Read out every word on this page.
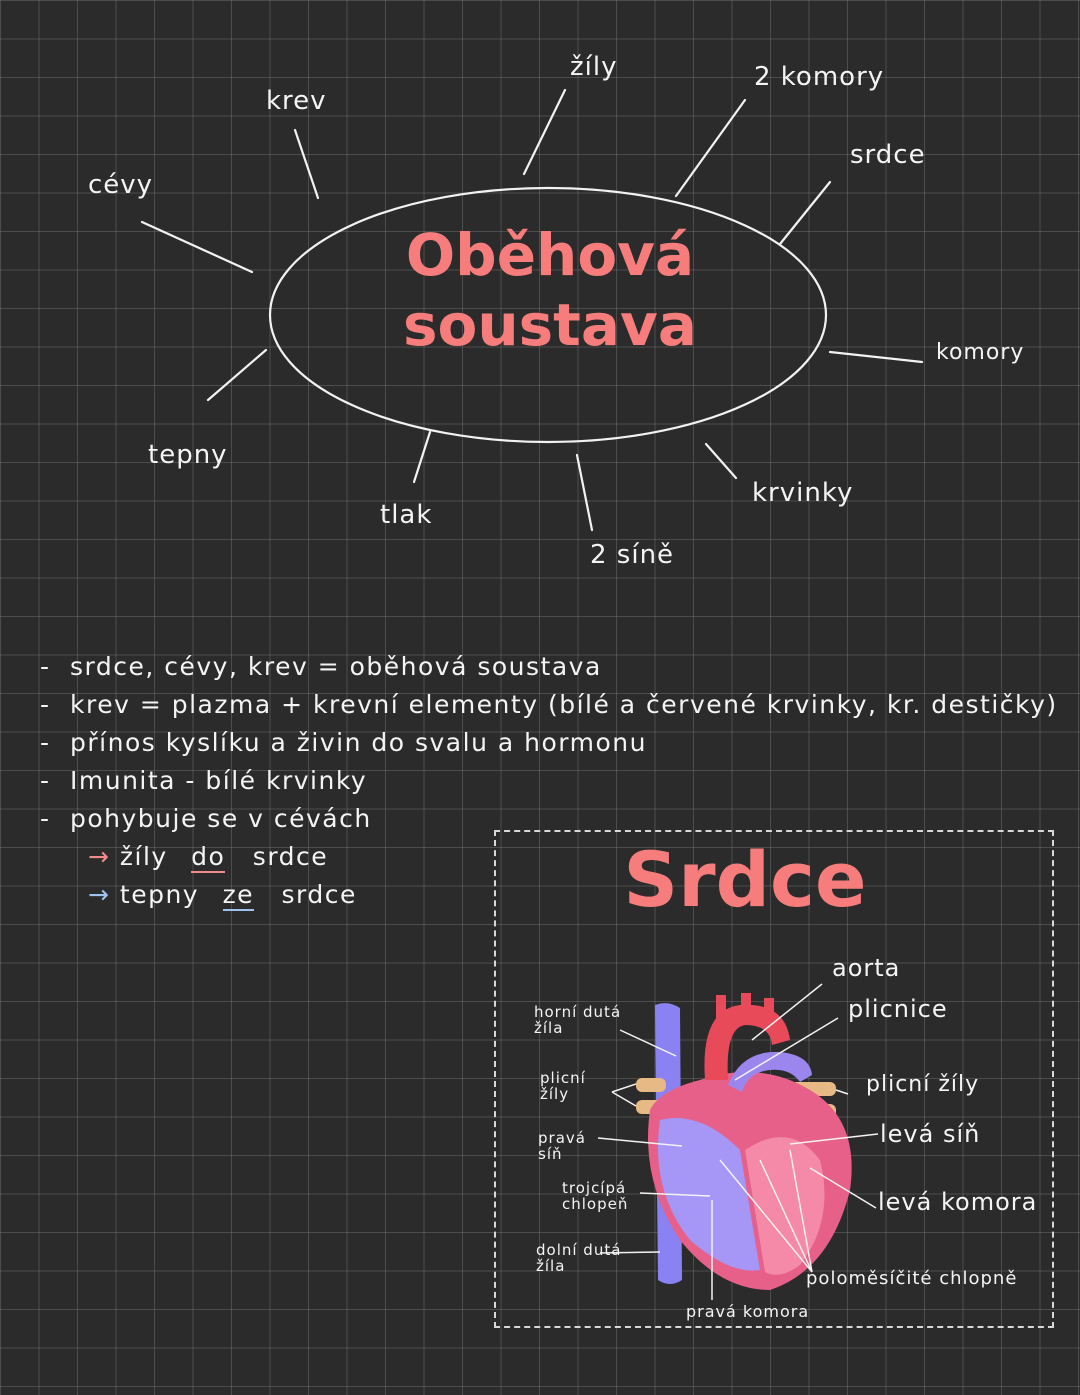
Oběhová
soustava
krev
cévy
tepny
tlak
2 síně
krvinky
komory
srdce
2 komory
žíly
- srdce, cévy, krev = oběhová soustava
- krev = plazma + krevní elementy (bílé a červené krvinky, kr. destičky)
- přínos kyslíku a živin do svalu a hormonu
- Imunita - bílé krvinky
- pohybuje se v cévách
→ žíly do srdce
→ tepny ze srdce	Srdce
aorta
plicnice
plicní žíly
levá síň
levá komora
poloměsíčité chlopně
pravá komora
dolní dutá žíla
trojcípá chlopeň
pravá síň
plicní žíly
horní dutá žíla
